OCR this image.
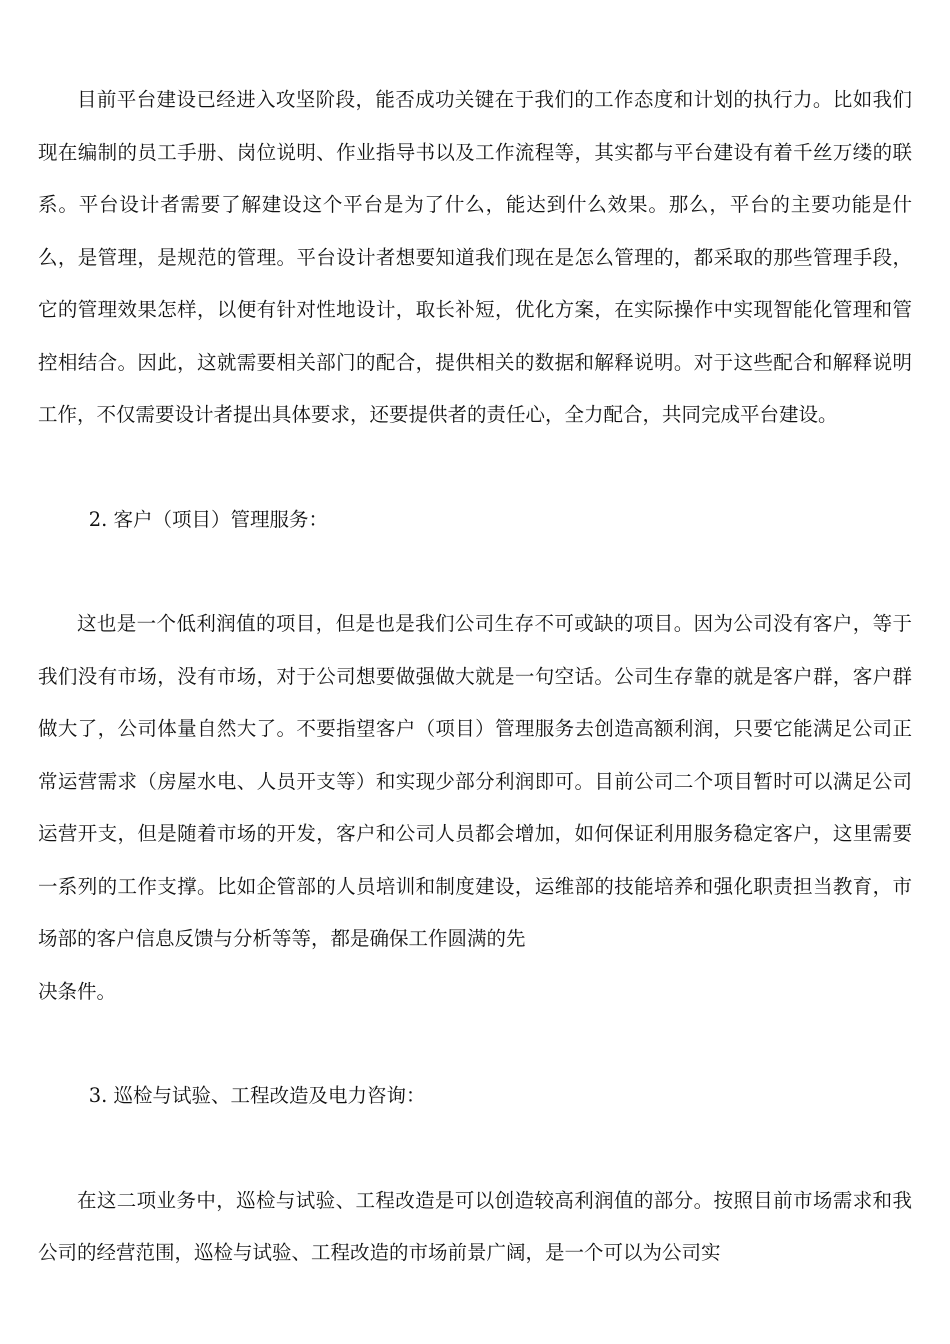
目前平台建设已经进入攻坚阶段，能否成功关键在于我们的工作态度和计划的执行力。比如我们现在编制的员工手册、岗位说明、作业指导书以及工作流程等，其实都与平台建设有着千丝万缕的联系。平台设计者需要了解建设这个平台是为了什么，能达到什么效果。那么，平台的主要功能是什么，是管理，是规范的管理。平台设计者想要知道我们现在是怎么管理的，都采取的那些管理手段，它的管理效果怎样，以便有针对性地设计，取长补短，优化方案，在实际操作中实现智能化管理和管控相结合。因此，这就需要相关部门的配合，提供相关的数据和解释说明。对于这些配合和解释说明工作，不仅需要设计者提出具体要求，还要提供者的责任心，全力配合，共同完成平台建设。

2. 客户（项目）管理服务：

这也是一个低利润值的项目，但是也是我们公司生存不可或缺的项目。因为公司没有客户，等于我们没有市场，没有市场，对于公司想要做强做大就是一句空话。公司生存靠的就是客户群，客户群做大了，公司体量自然大了。不要指望客户（项目）管理服务去创造高额利润，只要它能满足公司正常运营需求（房屋水电、人员开支等）和实现少部分利润即可。目前公司二个项目暂时可以满足公司运营开支，但是随着市场的开发，客户和公司人员都会增加，如何保证利用服务稳定客户，这里需要一系列的工作支撑。比如企管部的人员培训和制度建设，运维部的技能培养和强化职责担当教育，市场部的客户信息反馈与分析等等，都是确保工作圆满的先

决条件。

3. 巡检与试验、工程改造及电力咨询：

在这二项业务中，巡检与试验、工程改造是可以创造较高利润值的部分。按照目前市场需求和我公司的经营范围，巡检与试验、工程改造的市场前景广阔，是一个可以为公司实
